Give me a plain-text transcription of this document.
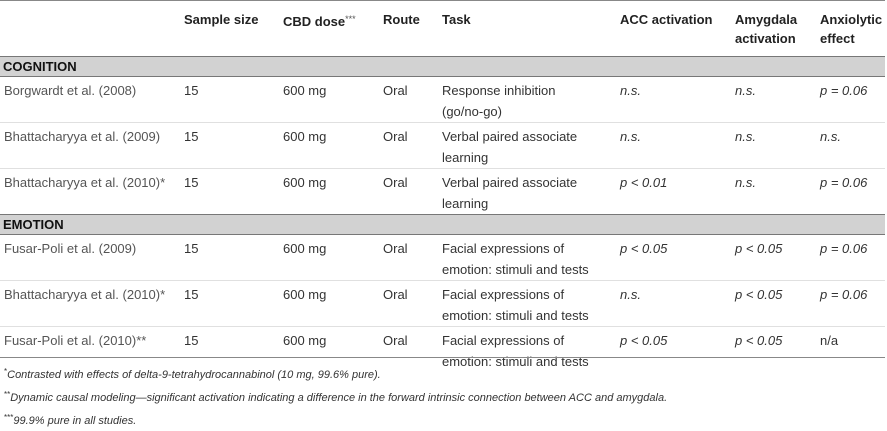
	Sample size	CBD dose***	Route	Task	ACC activation	Amygdala
activation	Anxiolytic
effect
COGNITION							
Borgwardt et al. (2008)	15	600 mg	Oral	Response inhibition
(go/no-go)	n.s.	n.s.	p = 0.06
Bhattacharyya et al. (2009)	15	600 mg	Oral	Verbal paired associate
learning	n.s.	n.s.	n.s.
Bhattacharyya et al. (2010)*	15	600 mg	Oral	Verbal paired associate
learning	p < 0.01	n.s.	p = 0.06
EMOTION							
Fusar-Poli et al. (2009)	15	600 mg	Oral	Facial expressions of
emotion: stimuli and tests	p < 0.05	p < 0.05	p = 0.06
Bhattacharyya et al. (2010)*	15	600 mg	Oral	Facial expressions of
emotion: stimuli and tests	n.s.	p < 0.05	p = 0.06
Fusar-Poli et al. (2010)**	15	600 mg	Oral	Facial expressions of
emotion: stimuli and tests	p < 0.05	p < 0.05	n/a
*Contrasted with effects of delta-9-tetrahydrocannabinol (10 mg, 99.6% pure).
**Dynamic causal modeling—significant activation indicating a difference in the forward intrinsic connection between ACC and amygdala.
***99.9% pure in all studies.
